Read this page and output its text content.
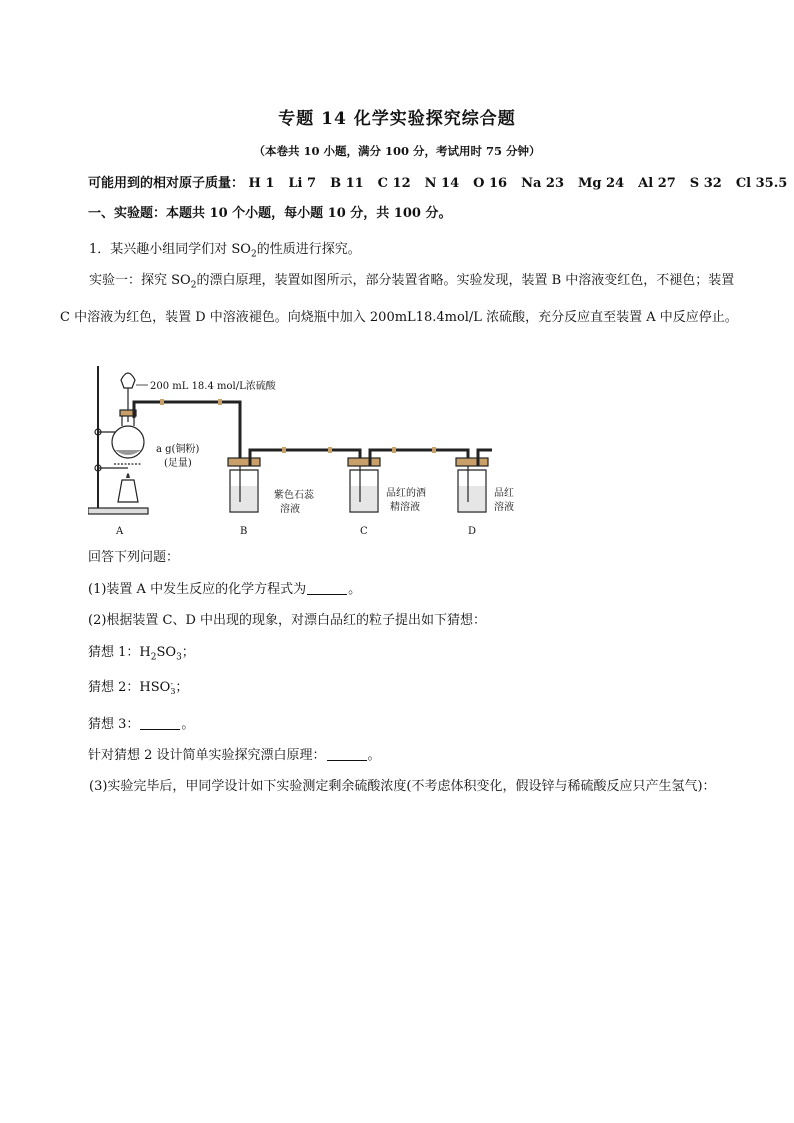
专题 14 化学实验探究综合题
（本卷共 10 小题，满分 100 分，考试用时 75 分钟）
可能用到的相对原子质量： H 1 Li 7 B 11 C 12 N 14 O 16 Na 23 Mg 24 Al 27 S 32 Cl 35.5
一、实验题：本题共 10 个小题，每小题 10 分，共 100 分。
1．某兴趣小组同学们对 $SO_2$的性质进行探究。
实验一：探究 $SO_2$的漂白原理，装置如图所示，部分装置省略。实验发现，装置 B 中溶液变红色，不褪色；装置 C 中溶液为红色，装置 D 中溶液褪色。向烧瓶中加入 200mL18.4mol/L 浓硫酸，充分反应直至装置 A 中反应停止。
200 mL 18.4 mol/L浓硫酸
a g(铜粉)
(足量)
紫色石蕊
溶液
品红的酒
精溶液
品红
溶液
A	B	C	D
回答下列问题：
(1)装置 A 中发生反应的化学方程式为	。
(2)根据装置 C、D 中出现的现象，对漂白品红的粒子提出如下猜想：
猜想 1：$H_2SO_3$；
猜想 2：HSO-
3；
猜想 3：	。
针对猜想 2 设计简单实验探究漂白原理：	。
(3)实验完毕后，甲同学设计如下实验测定剩余硫酸浓度(不考虑体积变化，假设锌与稀硫酸反应只产生氢气)：
